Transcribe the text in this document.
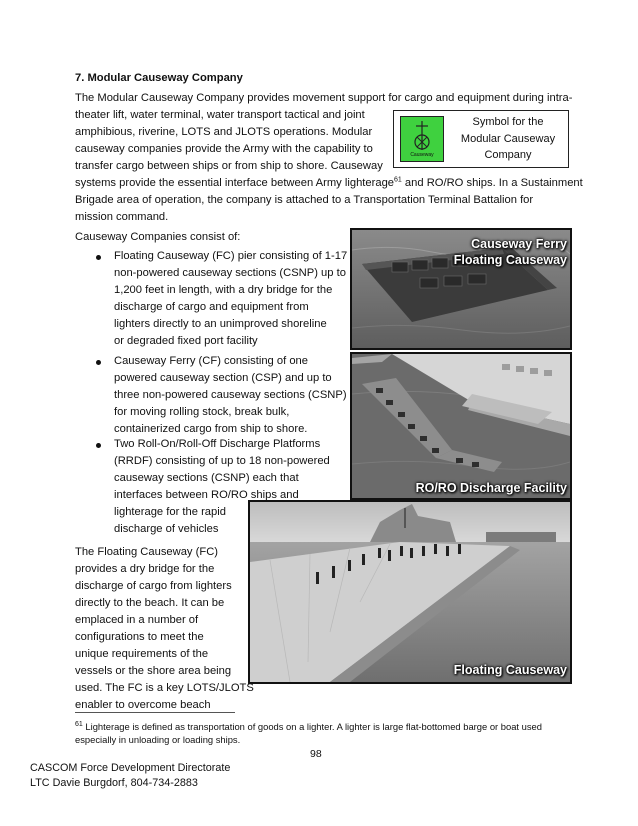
7. Modular Causeway Company
The Modular Causeway Company provides movement support for cargo and equipment during intra-
theater lift, water terminal, water transport tactical and joint
amphibious, riverine, LOTS and JLOTS operations. Modular
causeway companies provide the Army with the capability to
transfer cargo between ships or from ship to shore. Causeway
systems provide the essential interface between Army lighterage$^{61}$ and RO/RO ships. In a Sustainment
Brigade area of operation, the company is attached to a Transportation Terminal Battalion for
mission command.
Causeway
Symbol for the
Modular Causeway
Company
Causeway Companies consist of:
Floating Causeway (FC) pier consisting of 1-17
non-powered causeway sections (CSNP) up to
1,200 feet in length, with a dry bridge for the
discharge of cargo and equipment from
lighters directly to an unimproved shoreline
or degraded fixed port facility
Causeway Ferry (CF) consisting of one
powered causeway section (CSP) and up to
three non-powered causeway sections (CSNP)
for moving rolling stock, break bulk,
containerized cargo from ship to shore.
Two Roll-On/Roll-Off Discharge Platforms
(RRDF) consisting of up to 18 non-powered
causeway sections (CSNP) each that
interfaces between RO/RO ships and
lighterage for the rapid
discharge of vehicles
The Floating Causeway (FC)
provides a dry bridge for the
discharge of cargo from lighters
directly to the beach. It can be
emplaced in a number of
configurations to meet the
unique requirements of the
vessels or the shore area being
used. The FC is a key LOTS/JLOTS
enabler to overcome beach
Causeway Ferry
Floating Causeway
RO/RO Discharge Facility
Floating Causeway
$^{61}$ Lighterage is defined as transportation of goods on a lighter. A lighter is large flat-bottomed barge or boat used
especially in unloading or loading ships.
98
CASCOM Force Development Directorate
LTC Davie Burgdorf, 804-734-2883
